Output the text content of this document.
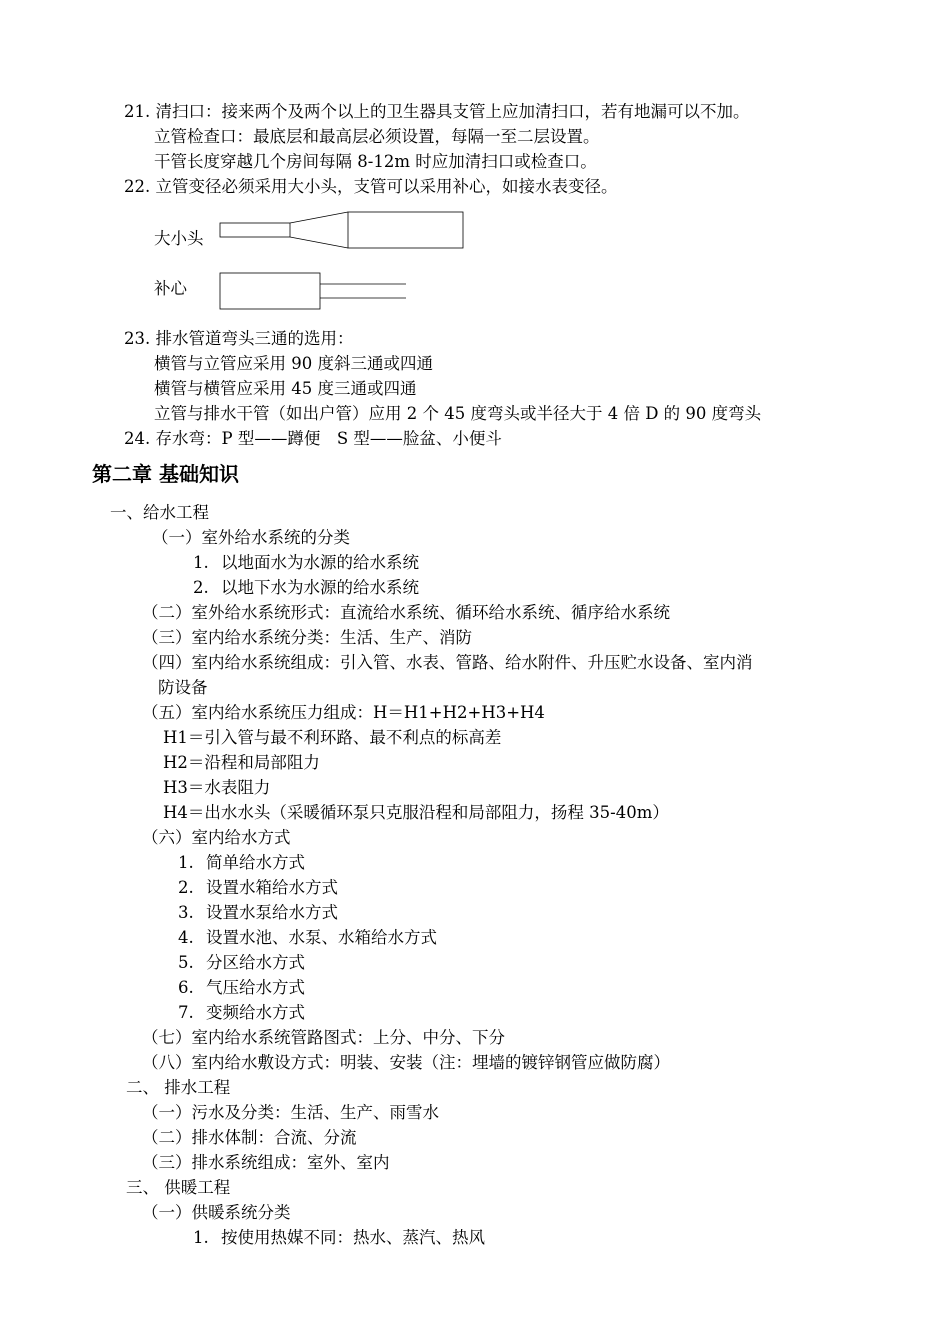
21. 清扫口：接来两个及两个以上的卫生器具支管上应加清扫口，若有地漏可以不加。
立管检查口：最底层和最高层必须设置，每隔一至二层设置。
干管长度穿越几个房间每隔 8-12m 时应加清扫口或检查口。
22. 立管变径必须采用大小头，支管可以采用补心，如接水表变径。
大小头
补心
23. 排水管道弯头三通的选用：
横管与立管应采用 90 度斜三通或四通
横管与横管应采用 45 度三通或四通
立管与排水干管（如出户管）应用 2 个 45 度弯头或半径大于 4 倍 D 的 90 度弯头
24. 存水弯：P 型——蹲便　S 型——脸盆、小便斗
第二章 基础知识
一、给水工程
（一）室外给水系统的分类
1. 以地面水为水源的给水系统
2. 以地下水为水源的给水系统
（二）室外给水系统形式：直流给水系统、循环给水系统、循序给水系统
（三）室内给水系统分类：生活、生产、消防
（四）室内给水系统组成：引入管、水表、管路、给水附件、升压贮水设备、室内消
防设备
（五）室内给水系统压力组成：H＝H1+H2+H3+H4
H1＝引入管与最不利环路、最不利点的标高差
H2＝沿程和局部阻力
H3＝水表阻力
H4＝出水水头（采暖循环泵只克服沿程和局部阻力，扬程 35-40m）
（六）室内给水方式
1. 简单给水方式
2. 设置水箱给水方式
3. 设置水泵给水方式
4. 设置水池、水泵、水箱给水方式
5. 分区给水方式
6. 气压给水方式
7. 变频给水方式
（七）室内给水系统管路图式：上分、中分、下分
（八）室内给水敷设方式：明装、安装（注：埋墙的镀锌钢管应做防腐）
二、 排水工程
（一）污水及分类：生活、生产、雨雪水
（二）排水体制：合流、分流
（三）排水系统组成：室外、室内
三、 供暖工程
（一）供暖系统分类
1. 按使用热媒不同：热水、蒸汽、热风
